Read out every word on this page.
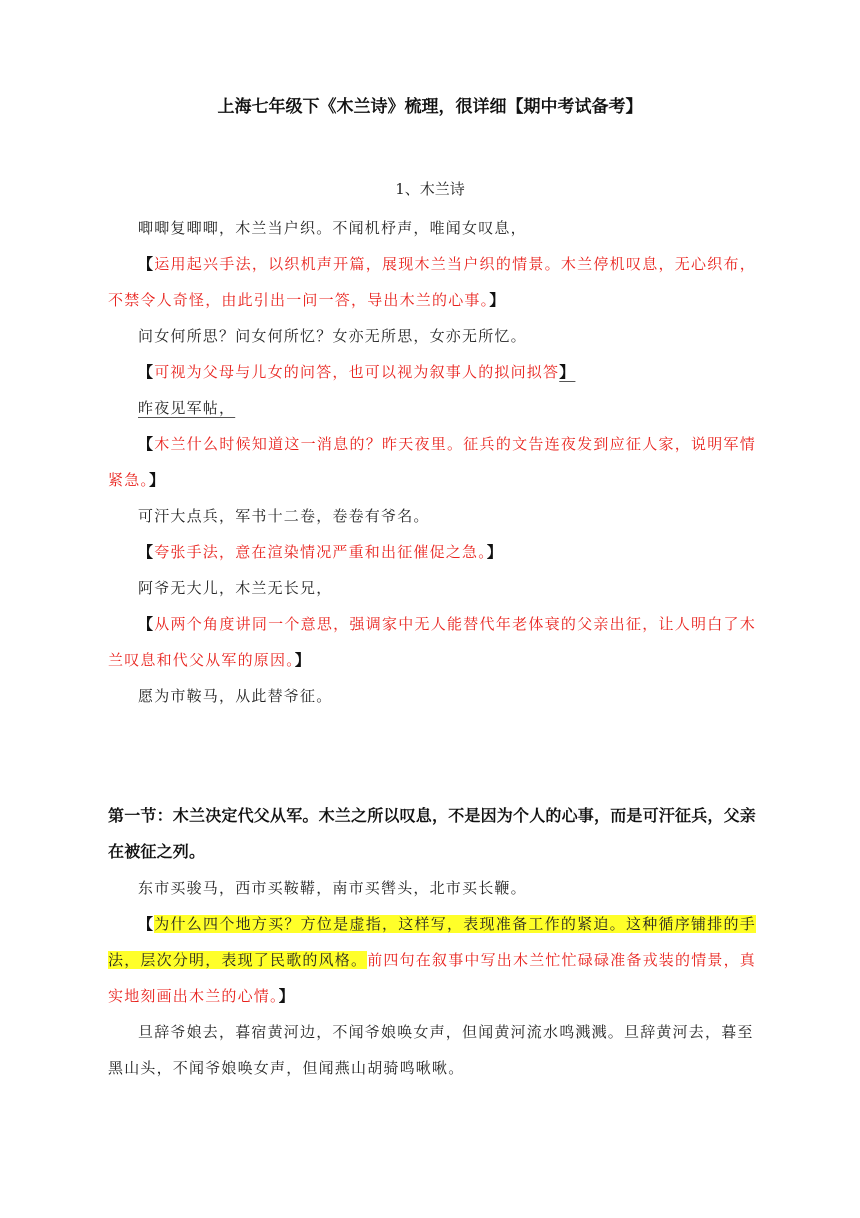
上海七年级下《木兰诗》梳理，很详细【期中考试备考】
1、木兰诗
唧唧复唧唧，木兰当户织。不闻机杼声，唯闻女叹息，
【运用起兴手法，以织机声开篇，展现木兰当户织的情景。木兰停机叹息，无心织布，不禁令人奇怪，由此引出一问一答，导出木兰的心事。】
问女何所思？问女何所忆？女亦无所思，女亦无所忆。
【可视为父母与儿女的问答，也可以视为叙事人的拟问拟答】
昨夜见军帖，
【木兰什么时候知道这一消息的？昨天夜里。征兵的文告连夜发到应征人家，说明军情紧急。】
可汗大点兵，军书十二卷，卷卷有爷名。
【夸张手法，意在渲染情况严重和出征催促之急。】
阿爷无大儿，木兰无长兄，
【从两个角度讲同一个意思，强调家中无人能替代年老体衰的父亲出征，让人明白了木兰叹息和代父从军的原因。】
愿为市鞍马，从此替爷征。
第一节：木兰决定代父从军。木兰之所以叹息，不是因为个人的心事，而是可汗征兵，父亲在被征之列。
东市买骏马，西市买鞍鞯，南市买辔头，北市买长鞭。
【为什么四个地方买？方位是虚指，这样写，表现准备工作的紧迫。这种循序铺排的手法，层次分明，表现了民歌的风格。前四句在叙事中写出木兰忙忙碌碌准备戎装的情景，真实地刻画出木兰的心情。】
旦辞爷娘去，暮宿黄河边，不闻爷娘唤女声，但闻黄河流水鸣溅溅。旦辞黄河去，暮至黑山头，不闻爷娘唤女声，但闻燕山胡骑鸣啾啾。
